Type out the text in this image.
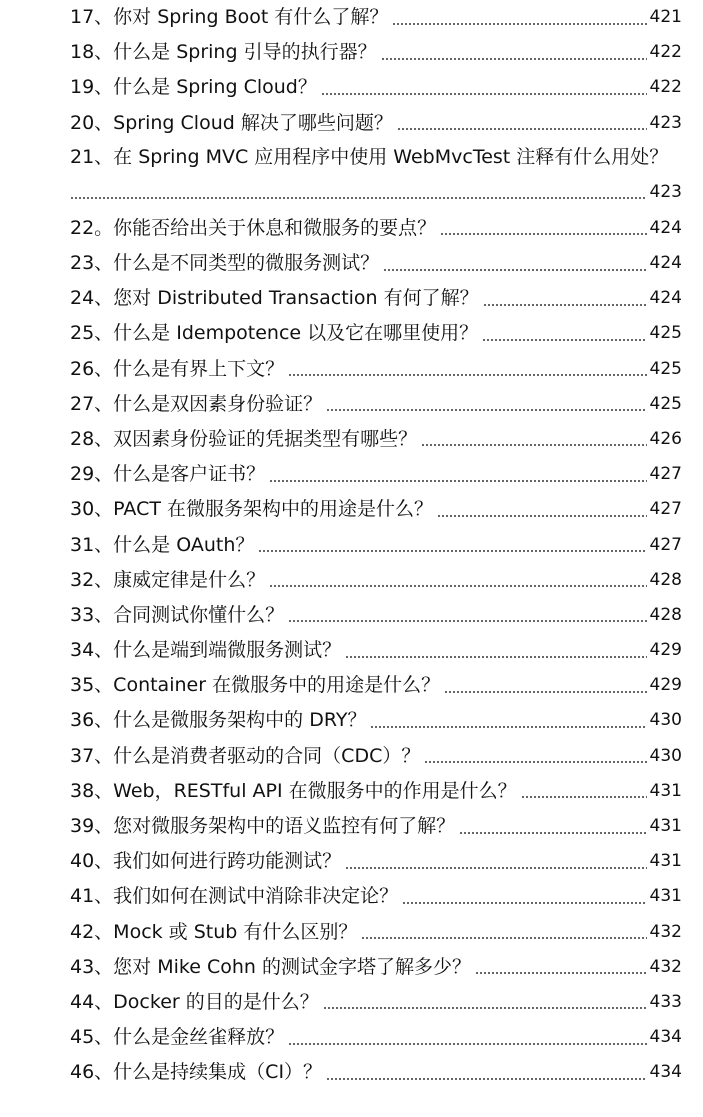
17、你对 Spring Boot 有什么了解？	421
18、什么是 Spring 引导的执行器？	422
19、什么是 Spring Cloud？	422
20、Spring Cloud 解决了哪些问题？	423
21、在 Spring MVC 应用程序中使用 WebMvcTest 注释有什么用处？
423
22。你能否给出关于休息和微服务的要点？	424
23、什么是不同类型的微服务测试？	424
24、您对 Distributed Transaction 有何了解？	424
25、什么是 Idempotence 以及它在哪里使用？	425
26、什么是有界上下文？	425
27、什么是双因素身份验证？	425
28、双因素身份验证的凭据类型有哪些？	426
29、什么是客户证书？	427
30、PACT 在微服务架构中的用途是什么？	427
31、什么是 OAuth？	427
32、康威定律是什么？	428
33、合同测试你懂什么？	428
34、什么是端到端微服务测试？	429
35、Container 在微服务中的用途是什么？	429
36、什么是微服务架构中的 DRY？	430
37、什么是消费者驱动的合同（CDC）？	430
38、Web，RESTful API 在微服务中的作用是什么？	431
39、您对微服务架构中的语义监控有何了解？	431
40、我们如何进行跨功能测试？	431
41、我们如何在测试中消除非决定论？	431
42、Mock 或 Stub 有什么区别？	432
43、您对 Mike Cohn 的测试金字塔了解多少？	432
44、Docker 的目的是什么？	433
45、什么是金丝雀释放？	434
46、什么是持续集成（CI）？	434
